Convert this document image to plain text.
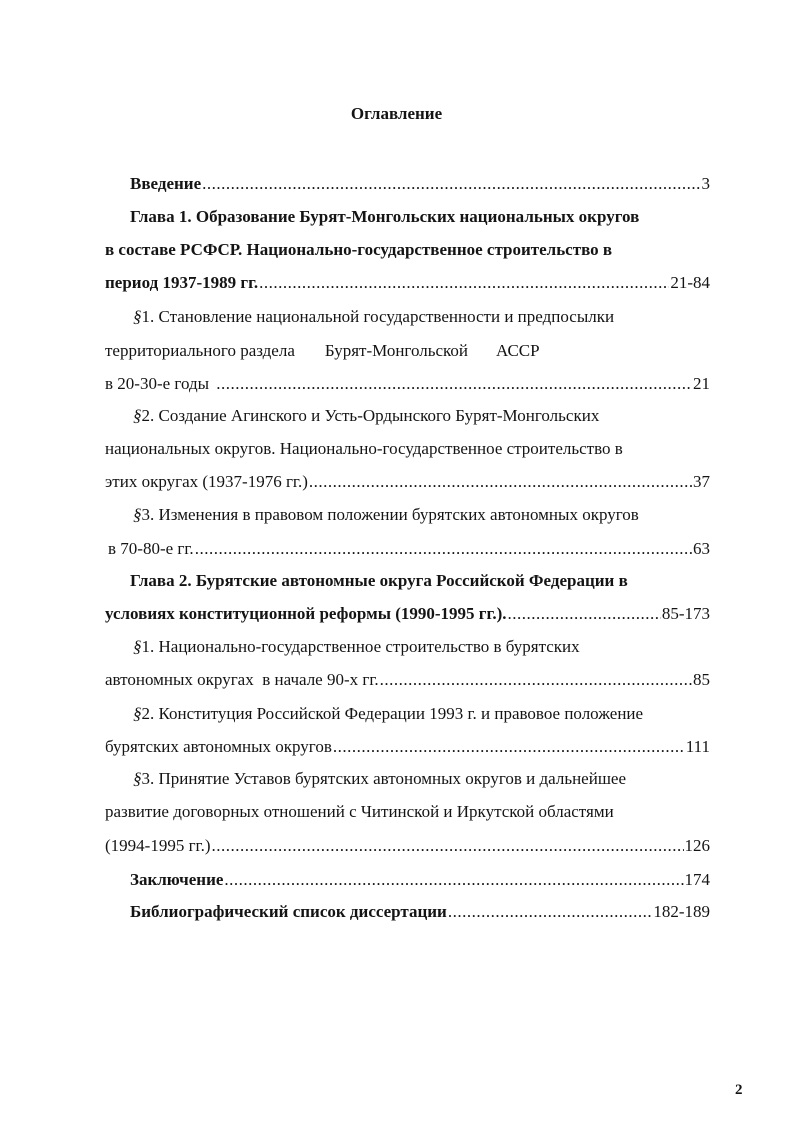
Оглавление
Введение .....	3
Глава 1. Образование Бурят-Монгольских национальных округов
в составе РСФСР. Национально-государственное строительство в
период 1937-1989 гг. .....	21-84
§1. Становление национальной государственности и предпосылки
территориального раздела Бурят-Монгольской АССР
в 20-30-е годы .....	21
§2. Создание Агинского и Усть-Ордынского Бурят-Монгольских
национальных округов. Национально-государственное строительство в
этих округах (1937-1976 гг.) .....	37
§3. Изменения в правовом положении бурятских автономных округов
в 70-80-е гг. .....	63
Глава 2. Бурятские автономные округа Российской Федерации в
условиях конституционной реформы (1990-1995 гг.). .....	85-173
§1. Национально-государственное строительство в бурятских
автономных округах  в начале 90-х гг. .....	85
§2. Конституция Российской Федерации 1993 г. и правовое положение
бурятских автономных округов .....	111
§3. Принятие Уставов бурятских автономных округов и дальнейшее
развитие договорных отношений с Читинской и Иркутской областями
(1994-1995 гг.) .....	126
Заключение .....	174
Библиографический список диссертации .....	182-189
2
